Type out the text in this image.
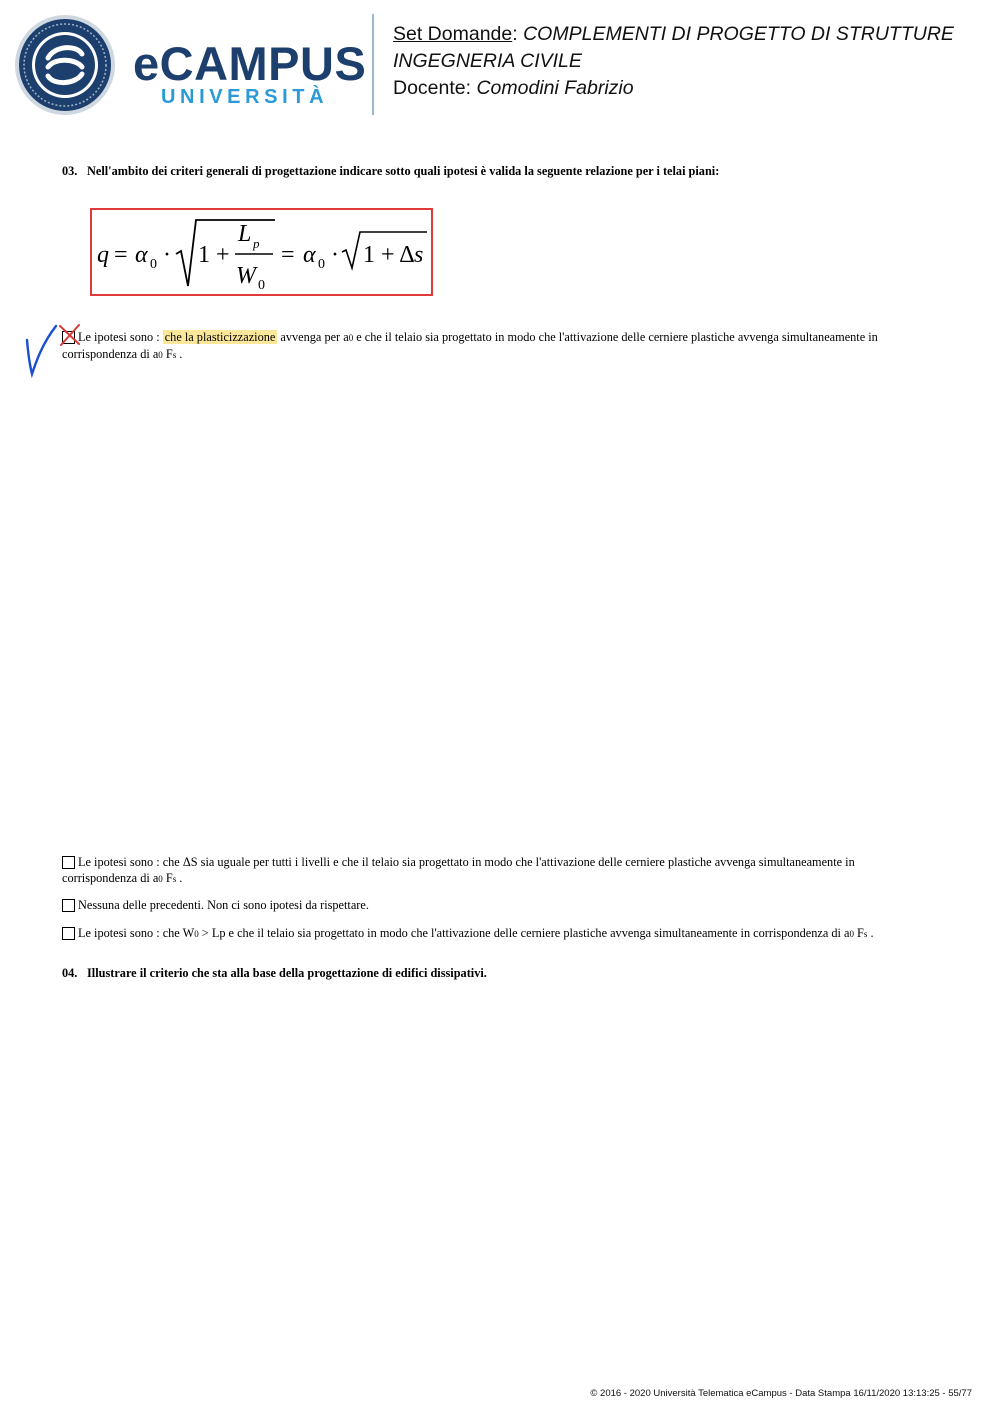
eCAMPUS
UNIVERSITÀ
Set Domande: COMPLEMENTI DI PROGETTO DI STRUTTURE
INGEGNERIA CIVILE
Docente: Comodini Fabrizio
03. Nell'ambito dei criteri generali di progettazione indicare sotto quali ipotesi è valida la seguente relazione per i telai piani:
q = α 0 · 1 +
L p
W 0
= α 0 · 1 + Δ s
Le ipotesi sono : che la plasticizzazione avvenga per a0 e che il telaio sia progettato in modo che l'attivazione delle cerniere plastiche avvenga simultaneamente in corrispondenza di a0 Fs .
Le ipotesi sono : che ΔS sia uguale per tutti i livelli e che il telaio sia progettato in modo che l'attivazione delle cerniere plastiche avvenga simultaneamente in corrispondenza di a0 Fs .
Nessuna delle precedenti. Non ci sono ipotesi da rispettare.
Le ipotesi sono : che W0 > Lp e che il telaio sia progettato in modo che l'attivazione delle cerniere plastiche avvenga simultaneamente in corrispondenza di a0 Fs .
04. Illustrare il criterio che sta alla base della progettazione di edifici dissipativi.
© 2016 - 2020 Università Telematica eCampus - Data Stampa 16/11/2020 13:13:25 - 55/77
